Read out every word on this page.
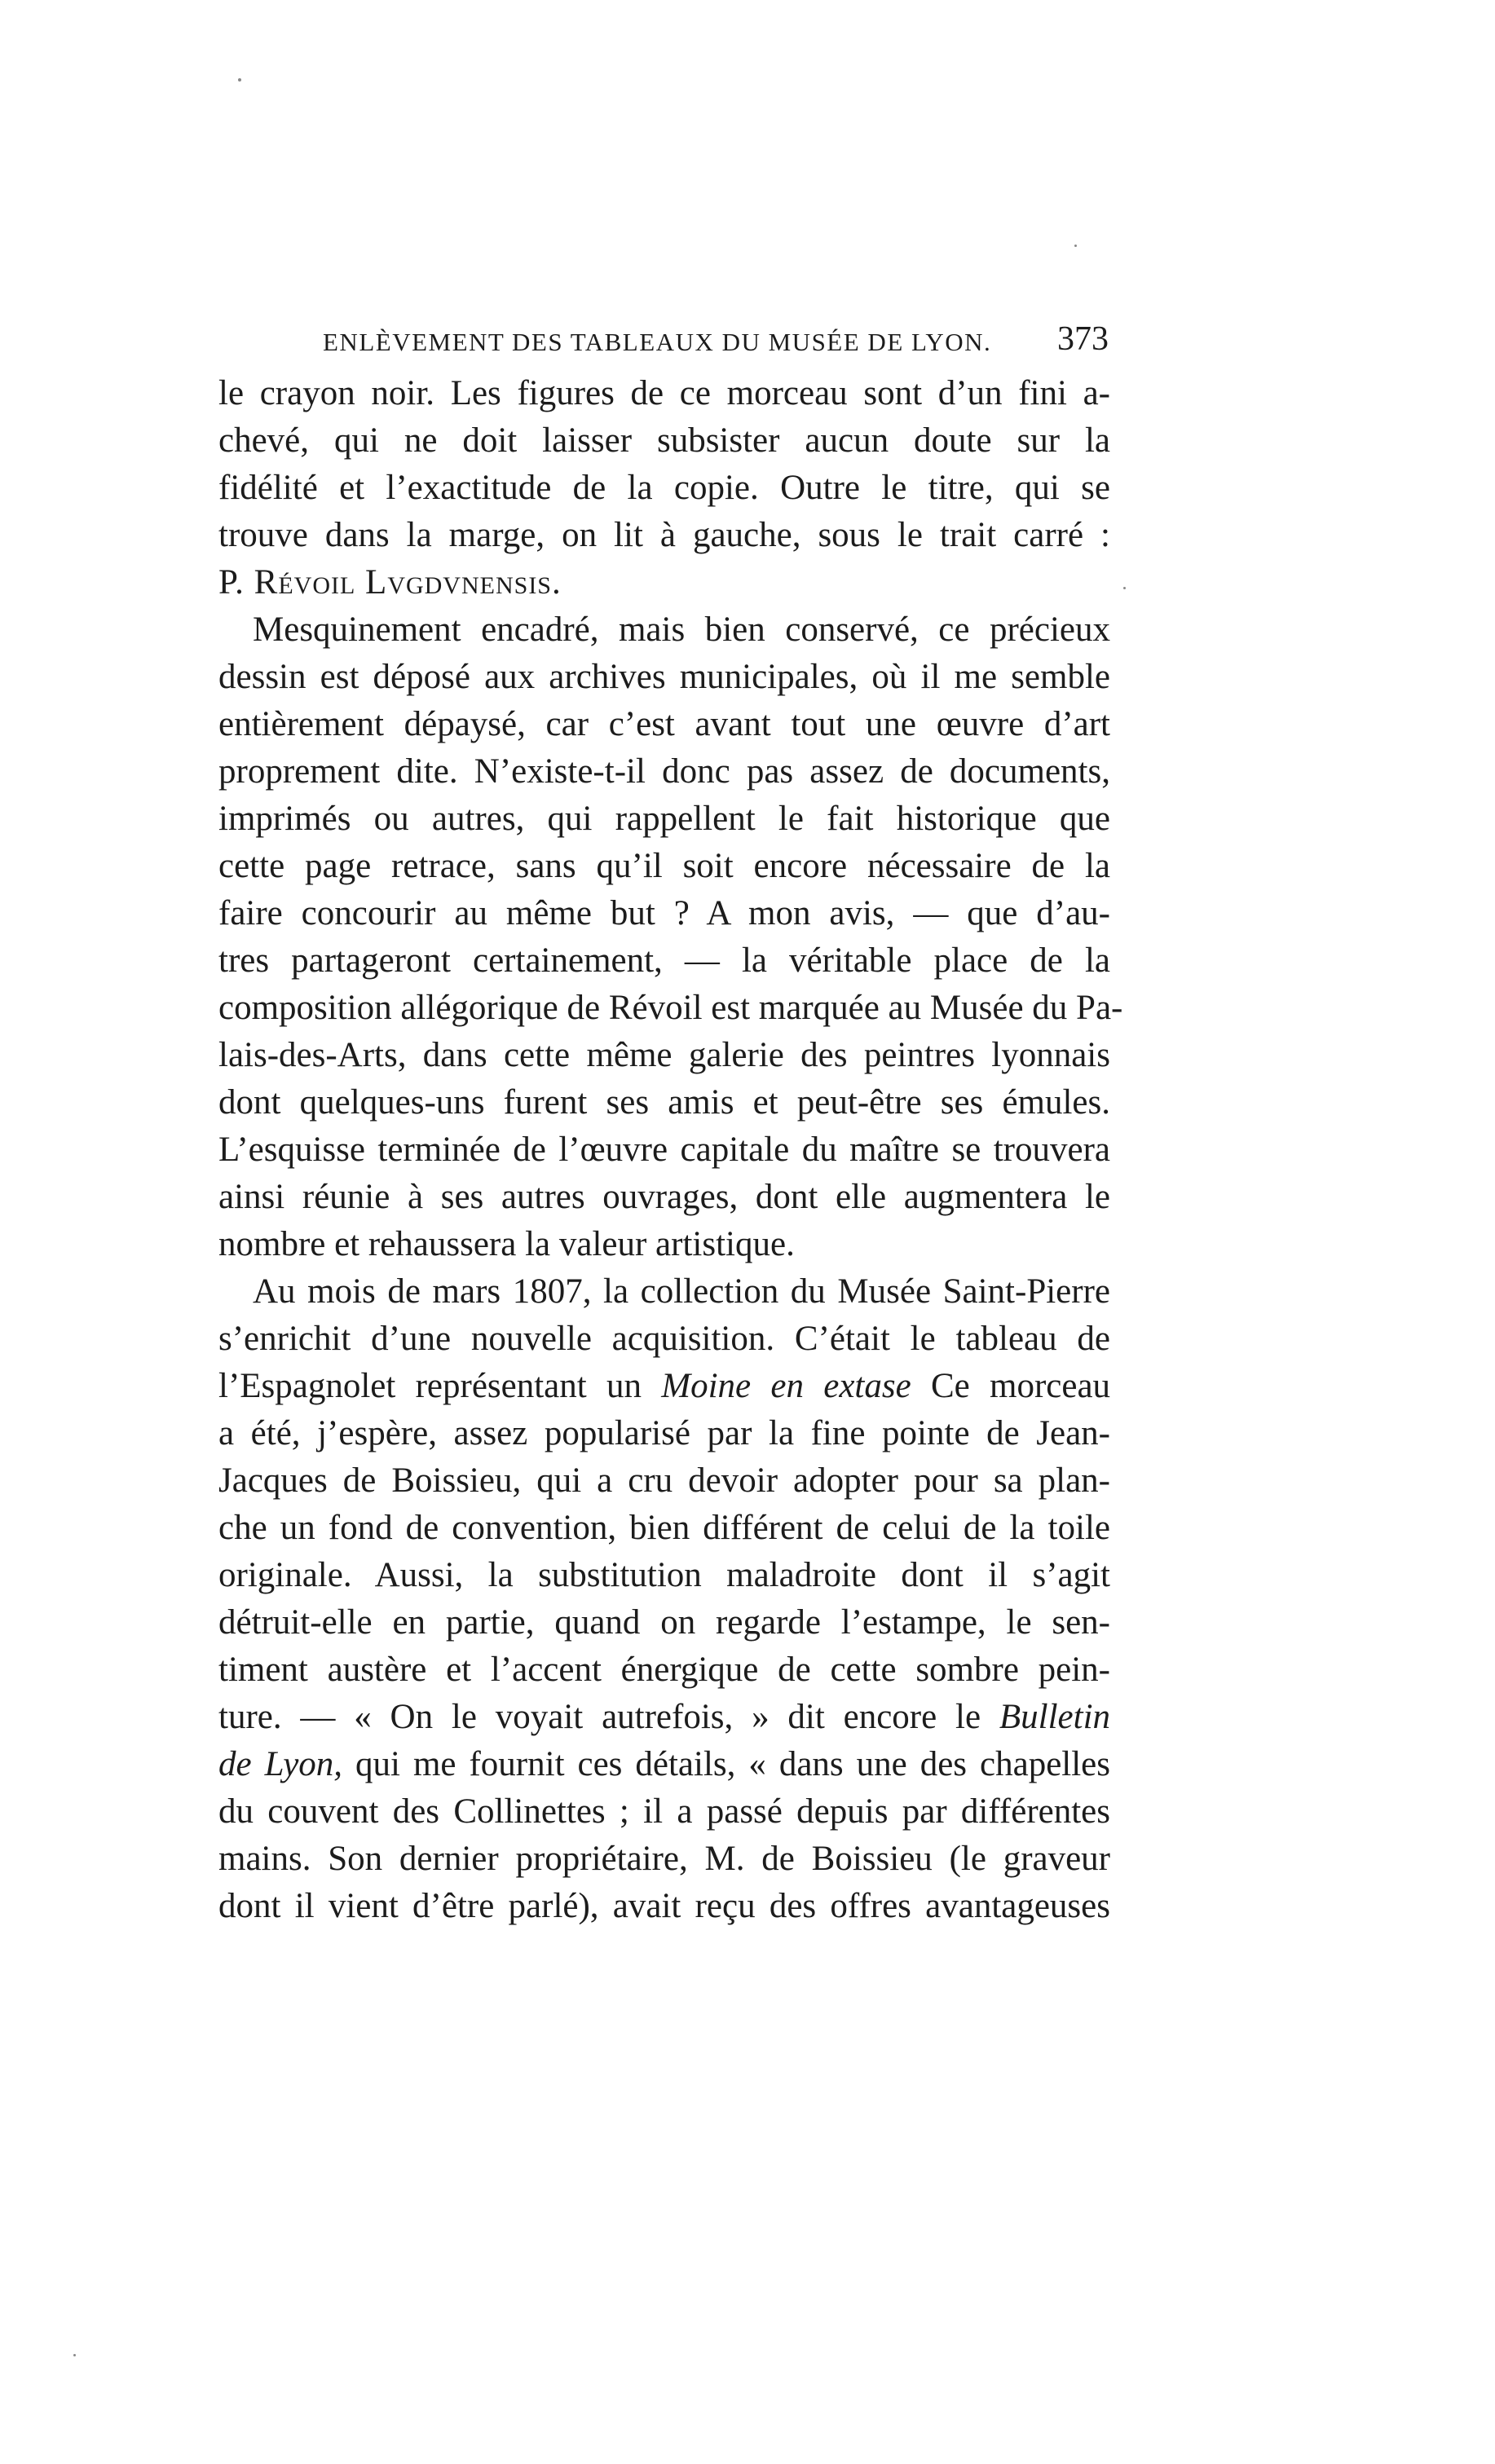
ENLÈVEMENT DES TABLEAUX DU MUSÉE DE LYON. 373
le crayon noir. Les figures de ce morceau sont d’un fini a-
chevé, qui ne doit laisser subsister aucun doute sur la
fidélité et l’exactitude de la copie. Outre le titre, qui se
trouve dans la marge, on lit à gauche, sous le trait carré :
P. Révoil Lvgdvnensis.
Mesquinement encadré, mais bien conservé, ce précieux
dessin est déposé aux archives municipales, où il me semble
entièrement dépaysé, car c’est avant tout une œuvre d’art
proprement dite. N’existe-t-il donc pas assez de documents,
imprimés ou autres, qui rappellent le fait historique que
cette page retrace, sans qu’il soit encore nécessaire de la
faire concourir au même but ? A mon avis, — que d’au-
tres partageront certainement, — la véritable place de la
composition allégorique de Révoil est marquée au Musée du Pa-
lais-des-Arts, dans cette même galerie des peintres lyonnais
dont quelques-uns furent ses amis et peut-être ses émules.
L’esquisse terminée de l’œuvre capitale du maître se trouvera
ainsi réunie à ses autres ouvrages, dont elle augmentera le
nombre et rehaussera la valeur artistique.
Au mois de mars 1807, la collection du Musée Saint-Pierre
s’enrichit d’une nouvelle acquisition. C’était le tableau de
l’Espagnolet représentant un Moine en extase Ce morceau
a été, j’espère, assez popularisé par la fine pointe de Jean-
Jacques de Boissieu, qui a cru devoir adopter pour sa plan-
che un fond de convention, bien différent de celui de la toile
originale. Aussi, la substitution maladroite dont il s’agit
détruit-elle en partie, quand on regarde l’estampe, le sen-
timent austère et l’accent énergique de cette sombre pein-
ture. — « On le voyait autrefois, » dit encore le Bulletin
de Lyon, qui me fournit ces détails, « dans une des chapelles
du couvent des Collinettes ; il a passé depuis par différentes
mains. Son dernier propriétaire, M. de Boissieu (le graveur
dont il vient d’être parlé), avait reçu des offres avantageuses
